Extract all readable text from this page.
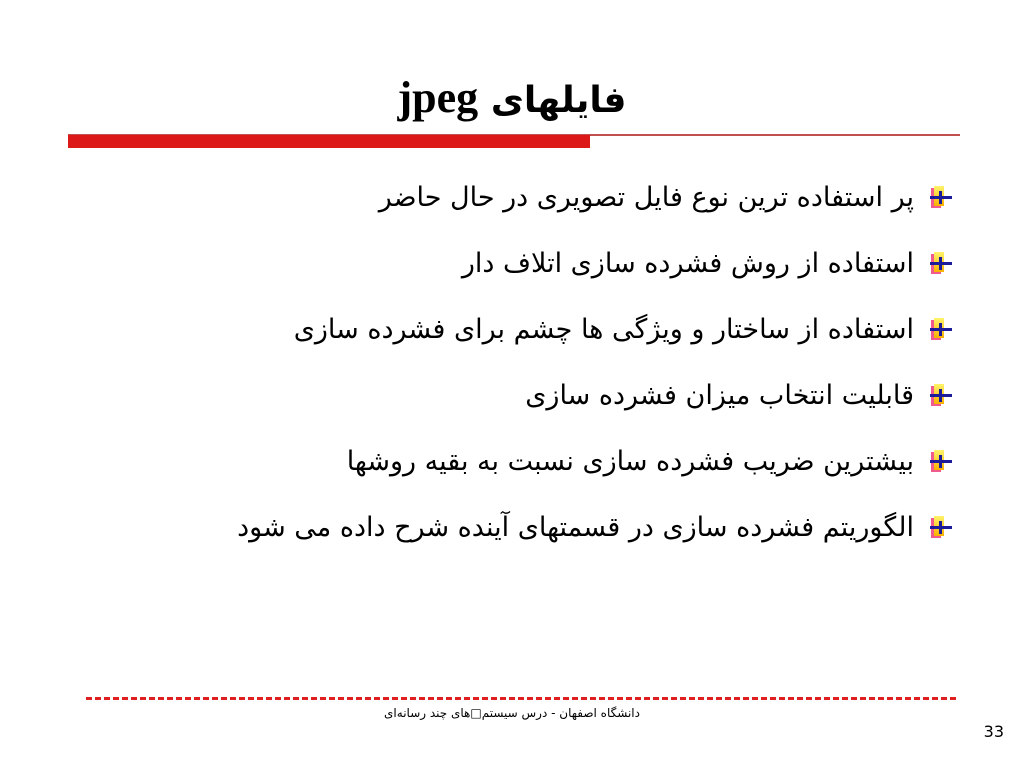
فایلهای jpeg
پر استفاده ترین نوع فایل تصویری در حال حاضر
استفاده از روش فشرده سازی اتلاف دار
استفاده از ساختار و ویژگی ها چشم برای فشرده سازی
قابلیت انتخاب میزان فشرده سازی
بیشترین ضریب فشرده سازی نسبت به بقیه روشها
الگوریتم فشرده سازی در قسمتهای آینده شرح داده می شود
دانشگاه اصفهان - درس سیستم□های چند رسانه‌ای
33
